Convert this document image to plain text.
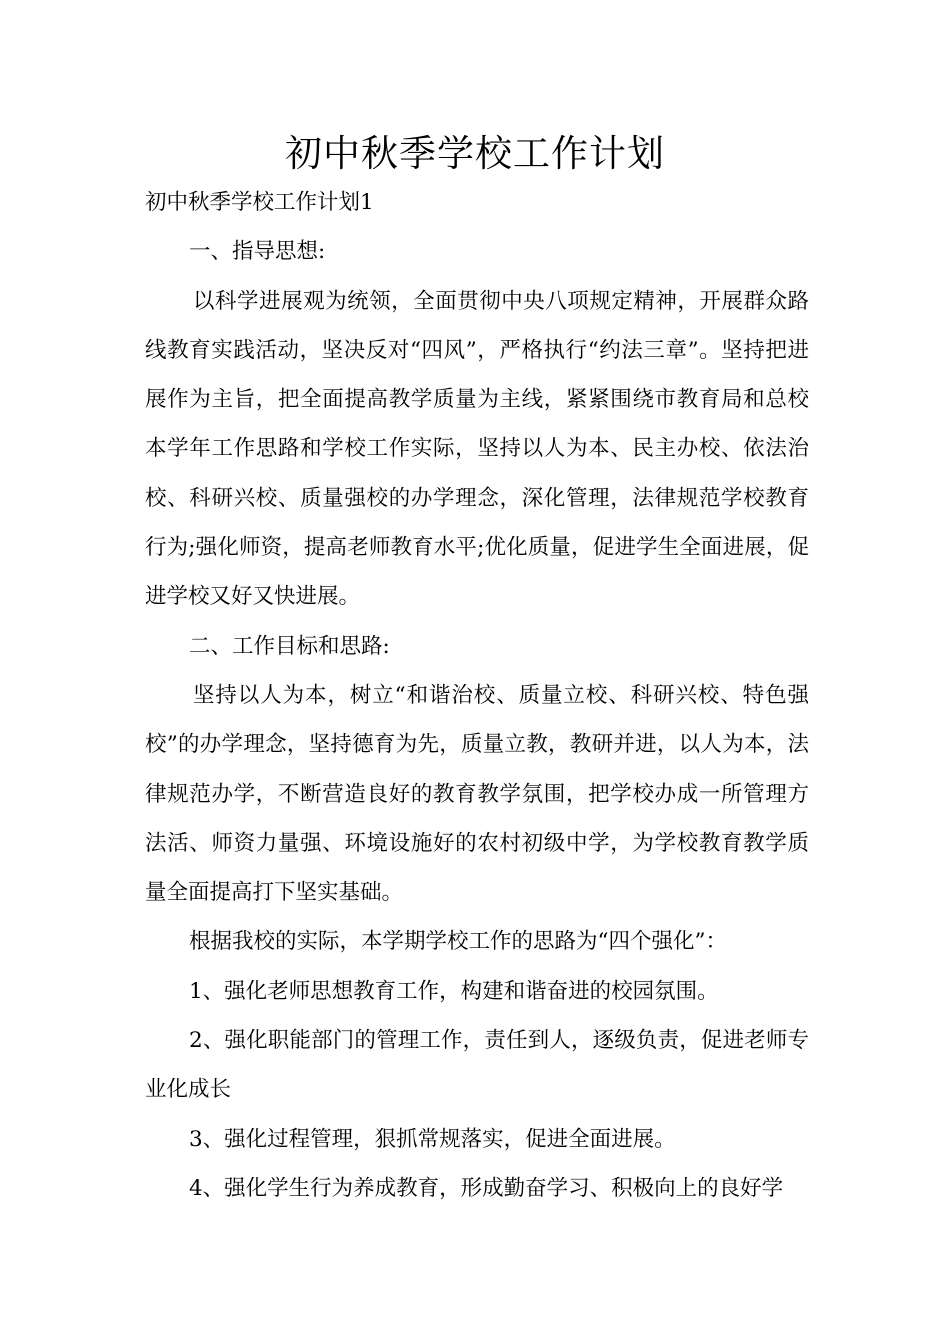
初中秋季学校工作计划

初中秋季学校工作计划1

一、指导思想:

以科学进展观为统领，全面贯彻中央八项规定精神，开展群众路线教育实践活动，坚决反对“四风”，严格执行“约法三章”。坚持把进展作为主旨，把全面提高教学质量为主线，紧紧围绕市教育局和总校本学年工作思路和学校工作实际，坚持以人为本、民主办校、依法治校、科研兴校、质量强校的办学理念，深化管理，法律规范学校教育行为;强化师资，提高老师教育水平;优化质量，促进学生全面进展，促进学校又好又快进展。

二、工作目标和思路:

坚持以人为本，树立“和谐治校、质量立校、科研兴校、特色强校”的办学理念，坚持德育为先，质量立教，教研并进，以人为本，法律规范办学，不断营造良好的教育教学氛围，把学校办成一所管理方法活、师资力量强、环境设施好的农村初级中学，为学校教育教学质量全面提高打下坚实基础。

根据我校的实际，本学期学校工作的思路为“四个强化”：

1、强化老师思想教育工作，构建和谐奋进的校园氛围。

2、强化职能部门的管理工作，责任到人，逐级负责，促进老师专业化成长

3、强化过程管理，狠抓常规落实，促进全面进展。

4、强化学生行为养成教育，形成勤奋学习、积极向上的良好学
